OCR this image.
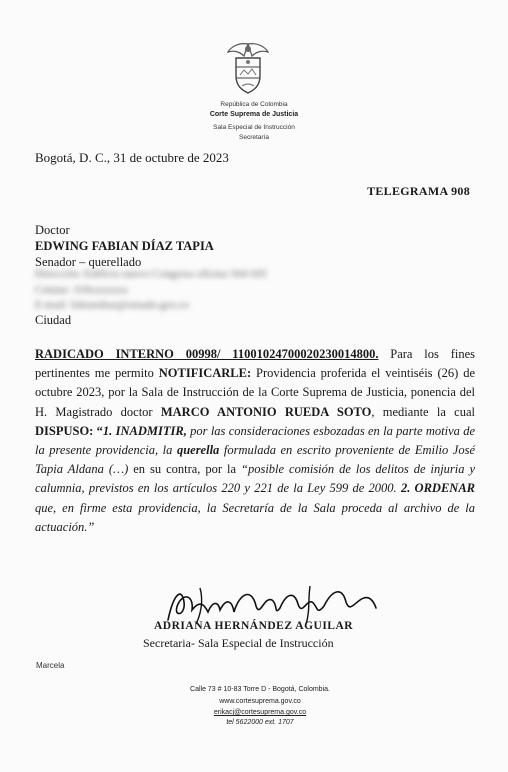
República de Colombia
Corte Suprema de Justicia
Sala Especial de Instrucción
Secretaría
Bogotá, D. C., 31 de octubre de 2023
TELEGRAMA 908
Doctor
EDWING FABIAN DÍAZ TAPIA
Senador – querellado
Dirección: Edificio nuevo Congreso oficina 504-505
Celular: 318xxxxxxx
E-mail: fabiandiaz@senado.gov.co
Ciudad
RADICADO INTERNO 00998/ 11001024700020230014800. Para los fines pertinentes me permito NOTIFICARLE: Providencia proferida el veintiséis (26) de octubre 2023, por la Sala de Instrucción de la Corte Suprema de Justicia, ponencia del H. Magistrado doctor MARCO ANTONIO RUEDA SOTO, mediante la cual DISPUSO: “1. INADMITIR, por las consideraciones esbozadas en la parte motiva de la presente providencia, la querella formulada en escrito proveniente de Emilio José Tapia Aldana (…) en su contra, por la “posible comisión de los delitos de injuria y calumnia, previstos en los artículos 220 y 221 de la Ley 599 de 2000. 2. ORDENAR que, en firme esta providencia, la Secretaría de la Sala proceda al archivo de la actuación.”
ADRIANA HERNÁNDEZ AGUILAR
Secretaria- Sala Especial de Instrucción
Marcela
Calle 73 # 10-83 Torre D - Bogotá, Colombia.
www.cortesuprema.gov.co
erikacj@cortesuprema.gov.co
tel 5622000 ext. 1707
